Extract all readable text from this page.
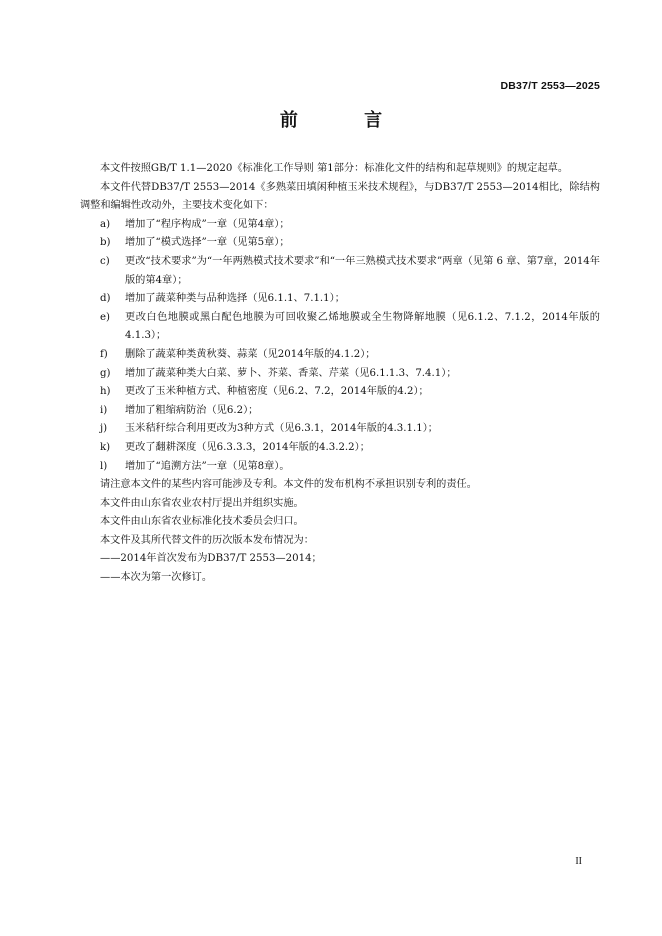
DB37/T 2553—2025
前 言

本文件按照GB/T 1.1—2020《标准化工作导则 第1部分：标准化文件的结构和起草规则》的规定起草。

本文件代替DB37/T 2553—2014《多熟菜田填闲种植玉米技术规程》，与DB37/T 2553—2014相比，除结构调整和编辑性改动外，主要技术变化如下：

a)	增加了“程序构成”一章（见第4章）；
b)	增加了“模式选择”一章（见第5章）；
c)	更改“技术要求”为“一年两熟模式技术要求”和“一年三熟模式技术要求”两章（见第 6 章、第7章，2014年版的第4章）；
d)	增加了蔬菜种类与品种选择（见6.1.1、7.1.1）；
e)	更改白色地膜或黑白配色地膜为可回收聚乙烯地膜或全生物降解地膜（见6.1.2、7.1.2，2014年版的4.1.3）；
f)	删除了蔬菜种类黄秋葵、蒜菜（见2014年版的4.1.2）；
g)	增加了蔬菜种类大白菜、萝卜、芥菜、香菜、芹菜（见6.1.1.3、7.4.1）；
h)	更改了玉米种植方式、种植密度（见6.2、7.2，2014年版的4.2）；
i)	增加了粗缩病防治（见6.2）；
j)	玉米秸秆综合利用更改为3种方式（见6.3.1，2014年版的4.3.1.1）；
k)	更改了翻耕深度（见6.3.3.3，2014年版的4.3.2.2）；
l)	增加了“追溯方法”一章（见第8章）。

请注意本文件的某些内容可能涉及专利。本文件的发布机构不承担识别专利的责任。

本文件由山东省农业农村厅提出并组织实施。

本文件由山东省农业标准化技术委员会归口。

本文件及其所代替文件的历次版本发布情况为：

——2014年首次发布为DB37/T 2553—2014；

——本次为第一次修订。

II
